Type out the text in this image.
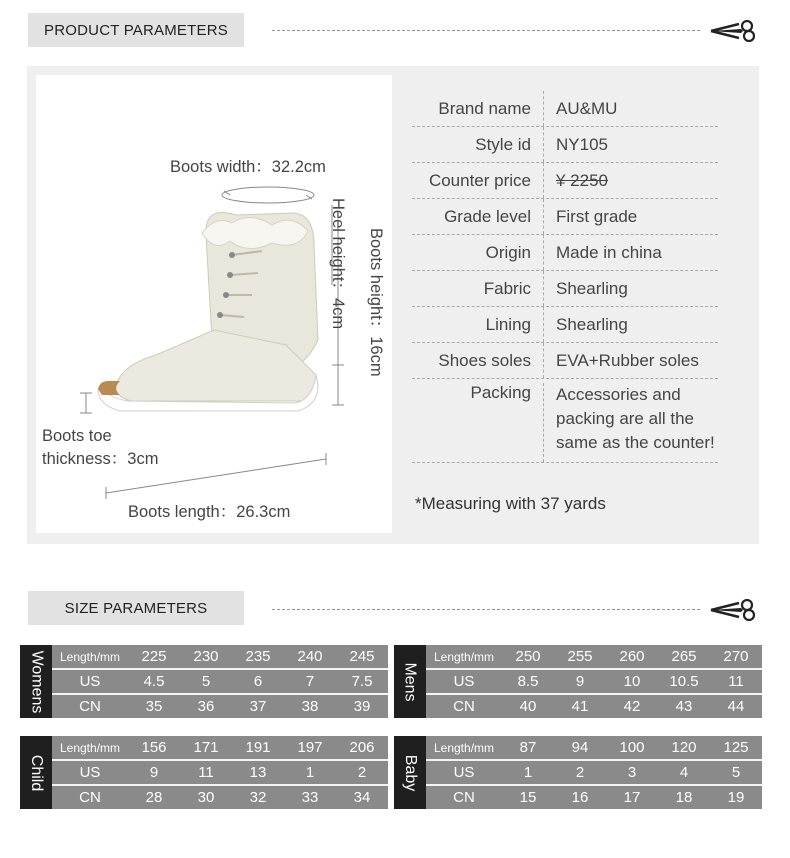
PRODUCT PARAMETERS
Boots width：32.2cm
Heel height：4cm	Boots height：16cm
Boots toe
thickness：3cm
Boots length：26.3cm
Brand name	AU&MU
Style id	NY105
Counter price	¥ 2250
Grade level	First grade
Origin	Made in china
Fabric	Shearling
Lining	Shearling
Shoes soles	EVA+Rubber soles
Packing	Accessories and
packing are all the
same as the counter!
*Measuring with 37 yards
SIZE PARAMETERS
Womens	Length/mm	225	230	235	240	245
US	4.5	5	6	7	7.5
CN	35	36	37	38	39
Mens
Length/mm	250	255	260	265	270
US	8.5	9	10	10.5	11
CN	40	41	42	43	44
Child
Length/mm	156	171	191	197	206
US	9	11	13	1	2
CN	28	30	32	33	34
Baby
Length/mm	87	94	100	120	125
US	1	2	3	4	5
CN	15	16	17	18	19
